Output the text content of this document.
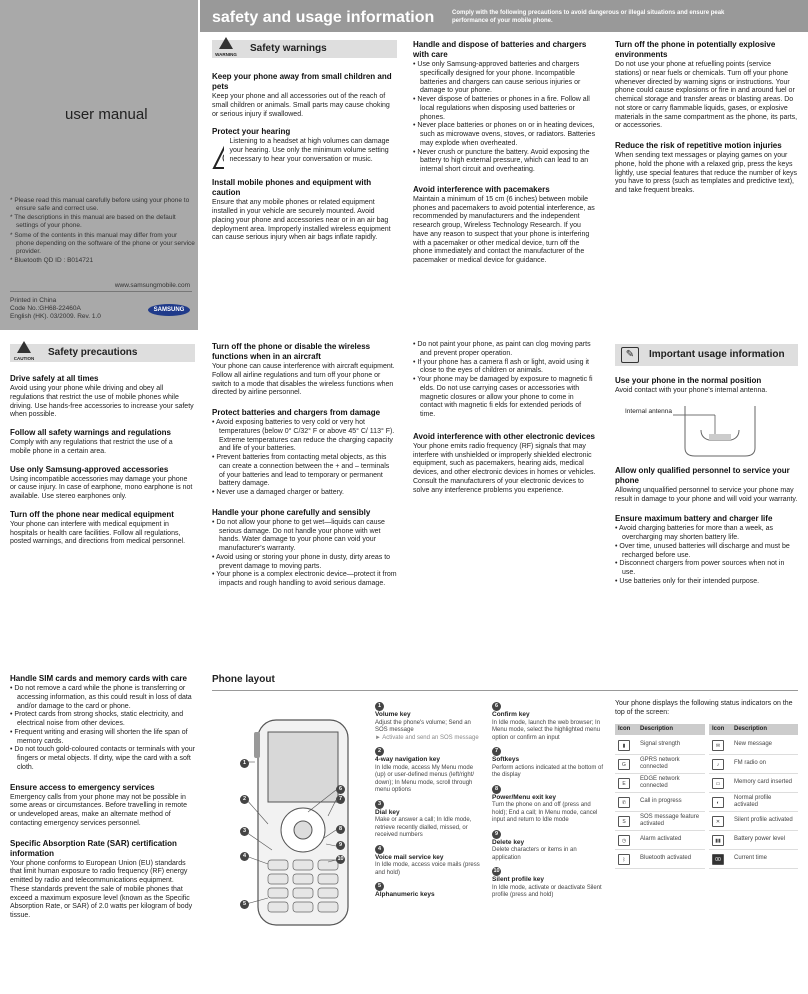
user manual
* Please read this manual carefully before using your phone to ensure safe and correct use.
* The descriptions in this manual are based on the default settings of your phone.
* Some of the contents in this manual may differ from your phone depending on the software of the phone or your service provider.
* Bluetooth QD ID : B014721
www.samsungmobile.com
Printed in China
Code No.:GH68-22460A
English (HK). 03/2009. Rev. 1.0
SAMSUNG
safety and usage information	Comply with the following precautions to avoid dangerous or illegal situations and ensure peak performance of your mobile phone.
WARNING
Safety warnings
Keep your phone away from small children and pets
Keep your phone and all accessories out of the reach of small children or animals. Small parts may cause choking or serious injury if swallowed.
Protect your hearing
Listening to a headset at high volumes can damage your hearing. Use only the minimum volume setting necessary to hear your conversation or music.
Install mobile phones and equipment with caution
Ensure that any mobile phones or related equipment installed in your vehicle are securely mounted. Avoid placing your phone and accessories near or in an air bag deployment area. Improperly installed wireless equipment can cause serious injury when air bags inflate rapidly.
Handle and dispose of batteries and chargers with care
• Use only Samsung-approved batteries and chargers specifically designed for your phone. Incompatible batteries and chargers can cause serious injuries or damage to your phone.
• Never dispose of batteries or phones in a fire. Follow all local regulations when disposing used batteries or phones.
• Never place batteries or phones on or in heating devices, such as microwave ovens, stoves, or radiators. Batteries may explode when overheated.
• Never crush or puncture the battery. Avoid exposing the battery to high external pressure, which can lead to an internal short circuit and overheating.
Avoid interference with pacemakers
Maintain a minimum of 15 cm (6 inches) between mobile phones and pacemakers to avoid potential interference, as recommended by manufacturers and the independent research group, Wireless Technology Research. If you have any reason to suspect that your phone is interfering with a pacemaker or other medical device, turn off the phone immediately and contact the manufacturer of the pacemaker or medical device for guidance.
Turn off the phone in potentially explosive environments
Do not use your phone at refuelling points (service stations) or near fuels or chemicals. Turn off your phone whenever directed by warning signs or instructions. Your phone could cause explosions or fire in and around fuel or chemical storage and transfer areas or blasting areas. Do not store or carry flammable liquids, gases, or explosive materials in the same compartment as the phone, its parts, or accessories.
Reduce the risk of repetitive motion injuries
When sending text messages or playing games on your phone, hold the phone with a relaxed grip, press the keys lightly, use special features that reduce the number of keys you have to press (such as templates and predictive text), and take frequent breaks.
CAUTION
Safety precautions
Drive safely at all times
Avoid using your phone while driving and obey all regulations that restrict the use of mobile phones while driving. Use hands-free accessories to increase your safety when possible.
Follow all safety warnings and regulations
Comply with any regulations that restrict the use of a mobile phone in a certain area.
Use only Samsung-approved accessories
Using incompatible accessories may damage your phone or cause injury. In case of earphone, mono earphone is not available. Use stereo earphones only.
Turn off the phone near medical equipment
Your phone can interfere with medical equipment in hospitals or health care facilities. Follow all regulations, posted warnings, and directions from medical personnel.
Turn off the phone or disable the wireless functions when in an aircraft
Your phone can cause interference with aircraft equipment. Follow all airline regulations and turn off your phone or switch to a mode that disables the wireless functions when directed by airline personnel.
Protect batteries and chargers from damage
• Avoid exposing batteries to very cold or very hot temperatures (below 0° C/32° F or above 45° C/ 113° F). Extreme temperatures can reduce the charging capacity and life of your batteries.
• Prevent batteries from contacting metal objects, as this can create a connection between the + and – terminals of your batteries and lead to temporary or permanent battery damage.
• Never use a damaged charger or battery.
Handle your phone carefully and sensibly
• Do not allow your phone to get wet—liquids can cause serious damage. Do not handle your phone with wet hands. Water damage to your phone can void your manufacturer's warranty.
• Avoid using or storing your phone in dusty, dirty areas to prevent damage to moving parts.
• Your phone is a complex electronic device—protect it from impacts and rough handling to avoid serious damage.
• Do not paint your phone, as paint can clog moving parts and prevent proper operation.
• If your phone has a camera fl ash or light, avoid using it close to the eyes of children or animals.
• Your phone may be damaged by exposure to magnetic fi elds. Do not use carrying cases or accessories with magnetic closures or allow your phone to come in contact with magnetic fi elds for extended periods of time.
Avoid interference with other electronic devices
Your phone emits radio frequency (RF) signals that may interfere with unshielded or improperly shielded electronic equipment, such as pacemakers, hearing aids, medical devices, and other electronic devices in homes or vehicles. Consult the manufacturers of your electronic devices to solve any interference problems you experience.
✎	Important usage information
Use your phone in the normal position
Avoid contact with your phone's internal antenna.
Internal antenna
Allow only qualified personnel to service your phone
Allowing unqualified personnel to service your phone may result in damage to your phone and will void your warranty.
Ensure maximum battery and charger life
• Avoid charging batteries for more than a week, as overcharging may shorten battery life.
• Over time, unused batteries will discharge and must be recharged before use.
• Disconnect chargers from power sources when not in use.
• Use batteries only for their intended purpose.
Handle SIM cards and memory cards with care
• Do not remove a card while the phone is transferring or accessing information, as this could result in loss of data and/or damage to the card or phone.
• Protect cards from strong shocks, static electricity, and electrical noise from other devices.
• Frequent writing and erasing will shorten the life span of memory cards.
• Do not touch gold-coloured contacts or terminals with your fingers or metal objects. If dirty, wipe the card with a soft cloth.
Ensure access to emergency services
Emergency calls from your phone may not be possible in some areas or circumstances. Before travelling in remote or undeveloped areas, make an alternate method of contacting emergency services personnel.
Specific Absorption Rate (SAR) certification information
Your phone conforms to European Union (EU) standards that limit human exposure to radio frequency (RF) energy emitted by radio and telecommunications equipment. These standards prevent the sale of mobile phones that exceed a maximum exposure level (known as the Specific Absorption Rate, or SAR) of 2.0 watts per kilogram of body tissue.
Phone layout
1
2
3
4
5
6
7
8
9
10
1
Volume key
Adjust the phone's volume; Send an SOS message
► Activate and send an SOS message
2
4-way navigation key
In Idle mode, access My Menu mode (up) or user-defined menus (left/right/ down); In Menu mode, scroll through menu options
3
Dial key
Make or answer a call; In Idle mode, retrieve recently dialled, missed, or received numbers
4
Voice mail service key
In Idle mode, access voice mails (press and hold)
5
Alphanumeric keys
6
Confirm key
In Idle mode, launch the web browser; In Menu mode, select the highlighted menu option or confirm an input
7
Softkeys
Perform actions indicated at the bottom of the display
8
Power/Menu exit key
Turn the phone on and off (press and hold); End a call; In Menu mode, cancel input and return to Idle mode
9
Delete key
Delete characters or items in an application
10
Silent profile key
In Idle mode, activate or deactivate Silent profile (press and hold)
Your phone displays the following status indicators on the top of the screen:
Icon	Description
▮	Signal strength
G	GPRS network connected
E	EDGE network connected
✆	Call in progress
S	SOS message feature activated
◷	Alarm activated
ᛒ	Bluetooth activated
Icon	Description
✉	New message
♪	FM radio on
▭	Memory card inserted
◐	Normal profile activated
✕	Silent profile activated
▮▮	Battery power level
00	Current time
